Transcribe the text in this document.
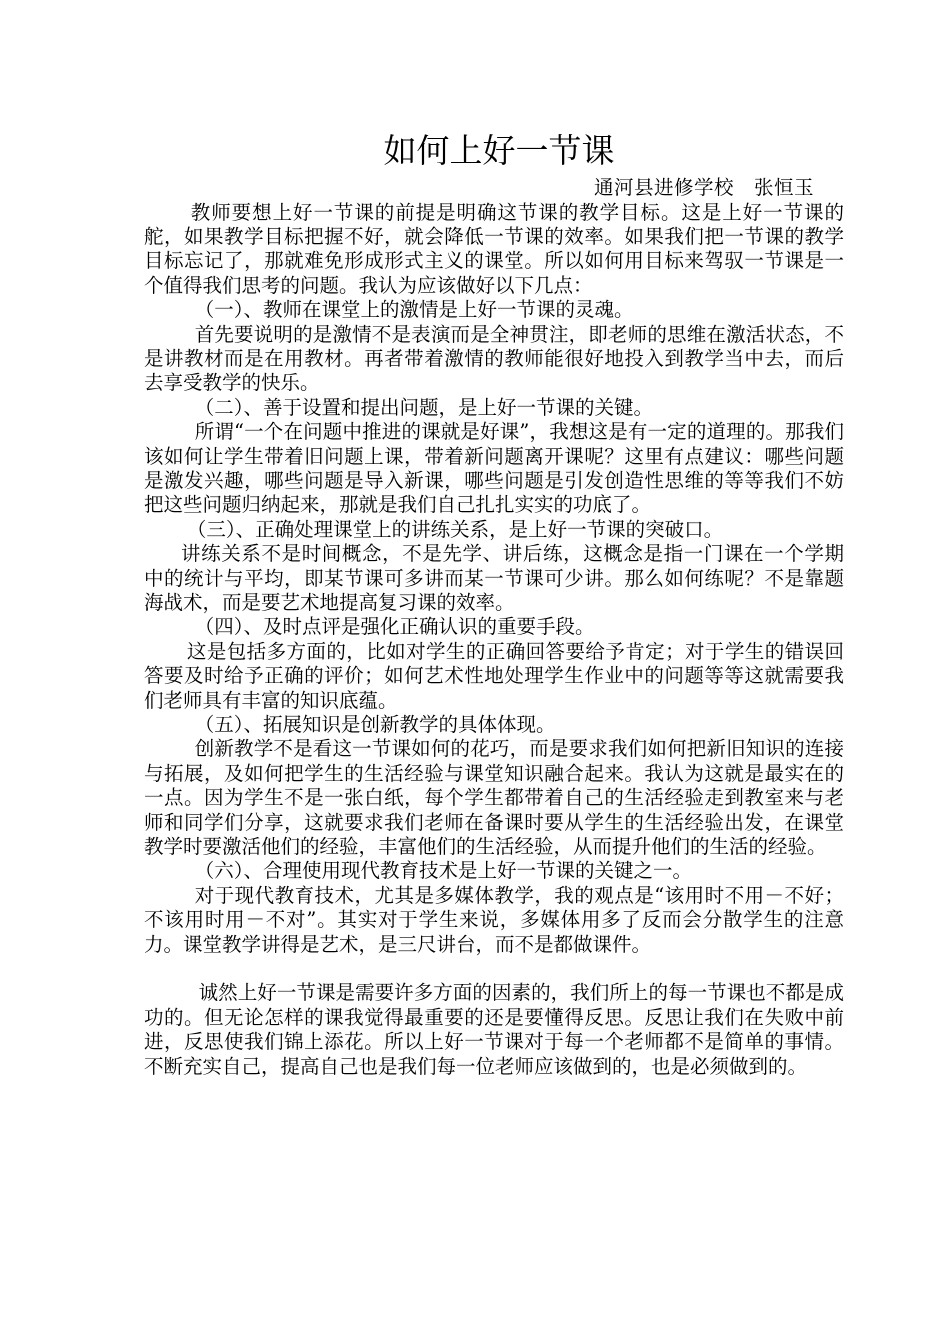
如何上好一节课

通河县进修学校　张恒玉

教师要想上好一节课的前提是明确这节课的教学目标。这是上好一节课的舵，如果教学目标把握不好，就会降低一节课的效率。如果我们把一节课的教学目标忘记了，那就难免形成形式主义的课堂。所以如何用目标来驾驭一节课是一个值得我们思考的问题。我认为应该做好以下几点：

（一）、教师在课堂上的激情是上好一节课的灵魂。

首先要说明的是激情不是表演而是全神贯注，即老师的思维在激活状态，不是讲教材而是在用教材。再者带着激情的教师能很好地投入到教学当中去，而后去享受教学的快乐。

（二）、善于设置和提出问题，是上好一节课的关键。

所谓“一个在问题中推进的课就是好课”，我想这是有一定的道理的。那我们该如何让学生带着旧问题上课，带着新问题离开课呢？这里有点建议：哪些问题是激发兴趣，哪些问题是导入新课，哪些问题是引发创造性思维的等等我们不妨把这些问题归纳起来，那就是我们自己扎扎实实的功底了。

（三）、正确处理课堂上的讲练关系，是上好一节课的突破口。

讲练关系不是时间概念，不是先学、讲后练，这概念是指一门课在一个学期中的统计与平均，即某节课可多讲而某一节课可少讲。那么如何练呢？不是靠题海战术，而是要艺术地提高复习课的效率。

（四）、及时点评是强化正确认识的重要手段。

这是包括多方面的，比如对学生的正确回答要给予肯定；对于学生的错误回答要及时给予正确的评价；如何艺术性地处理学生作业中的问题等等这就需要我们老师具有丰富的知识底蕴。

（五）、拓展知识是创新教学的具体体现。

创新教学不是看这一节课如何的花巧，而是要求我们如何把新旧知识的连接与拓展，及如何把学生的生活经验与课堂知识融合起来。我认为这就是最实在的一点。因为学生不是一张白纸，每个学生都带着自己的生活经验走到教室来与老师和同学们分享，这就要求我们老师在备课时要从学生的生活经验出发，在课堂教学时要激活他们的经验，丰富他们的生活经验，从而提升他们的生活的经验。

（六）、合理使用现代教育技术是上好一节课的关键之一。

对于现代教育技术，尤其是多媒体教学，我的观点是“该用时不用－不好；不该用时用－不对”。其实对于学生来说，多媒体用多了反而会分散学生的注意力。课堂教学讲得是艺术，是三尺讲台，而不是都做课件。

诚然上好一节课是需要许多方面的因素的，我们所上的每一节课也不都是成功的。但无论怎样的课我觉得最重要的还是要懂得反思。反思让我们在失败中前进，反思使我们锦上添花。所以上好一节课对于每一个老师都不是简单的事情。不断充实自己，提高自己也是我们每一位老师应该做到的，也是必须做到的。
